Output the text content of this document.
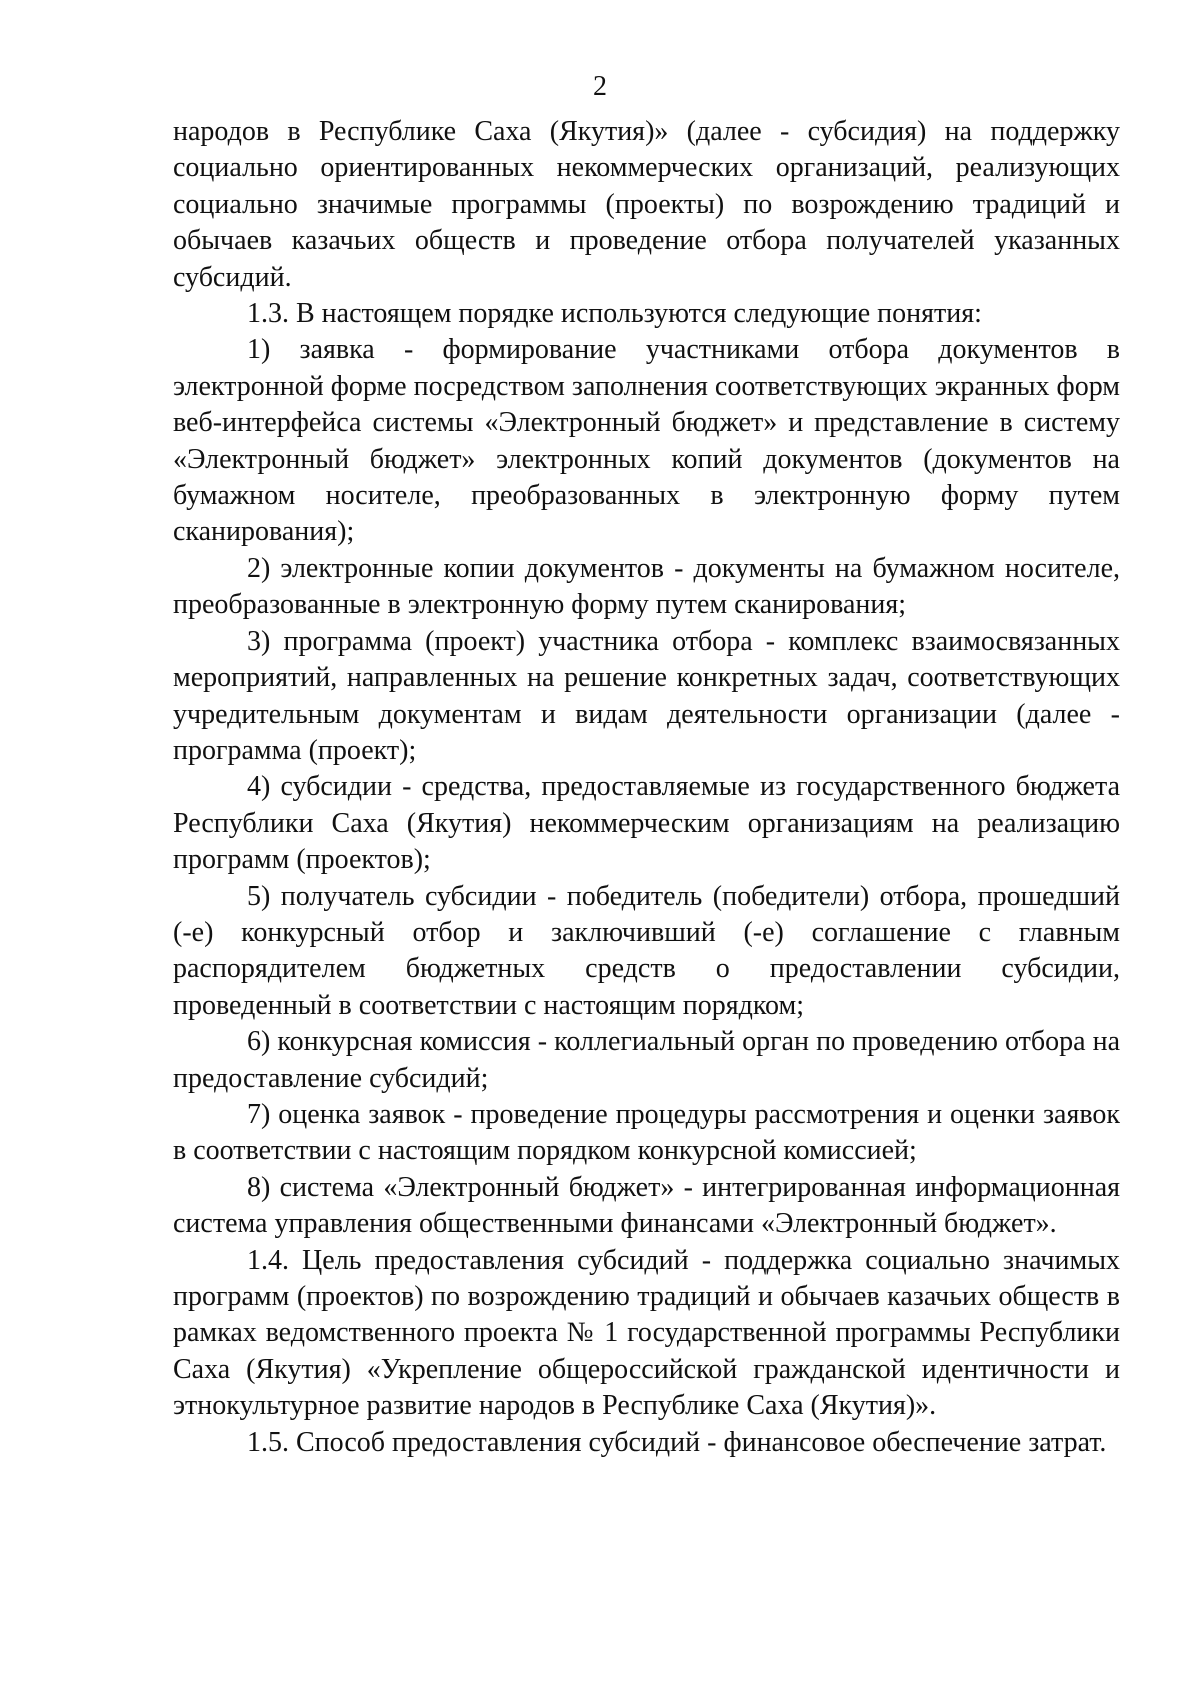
2

народов в Республике Саха (Якутия)» (далее - субсидия) на поддержку социально ориентированных некоммерческих организаций, реализующих социально значимые программы (проекты) по возрождению традиций и обычаев казачьих обществ и проведение отбора получателей указанных субсидий.

1.3. В настоящем порядке используются следующие понятия:

1) заявка - формирование участниками отбора документов в электронной форме посредством заполнения соответствующих экранных форм веб-интерфейса системы «Электронный бюджет» и представление в систему «Электронный бюджет» электронных копий документов (документов на бумажном носителе, преобразованных в электронную форму путем сканирования);

2) электронные копии документов - документы на бумажном носителе, преобразованные в электронную форму путем сканирования;

3) программа (проект) участника отбора - комплекс взаимосвязанных мероприятий, направленных на решение конкретных задач, соответствующих учредительным документам и видам деятельности организации (далее - программа (проект);

4) субсидии - средства, предоставляемые из государственного бюджета Республики Саха (Якутия) некоммерческим организациям на реализацию программ (проектов);

5) получатель субсидии - победитель (победители) отбора, прошедший (-е) конкурсный отбор и заключивший (-е) соглашение с главным распорядителем бюджетных средств о предоставлении субсидии, проведенный в соответствии с настоящим порядком;

6) конкурсная комиссия - коллегиальный орган по проведению отбора на предоставление субсидий;

7) оценка заявок - проведение процедуры рассмотрения и оценки заявок в соответствии с настоящим порядком конкурсной комиссией;

8) система «Электронный бюджет» - интегрированная информационная система управления общественными финансами «Электронный бюджет».

1.4. Цель предоставления субсидий - поддержка социально значимых программ (проектов) по возрождению традиций и обычаев казачьих обществ в рамках ведомственного проекта № 1 государственной программы Республики Саха (Якутия) «Укрепление общероссийской гражданской идентичности и этнокультурное развитие народов в Республике Саха (Якутия)».

1.5. Способ предоставления субсидий - финансовое обеспечение затрат.
